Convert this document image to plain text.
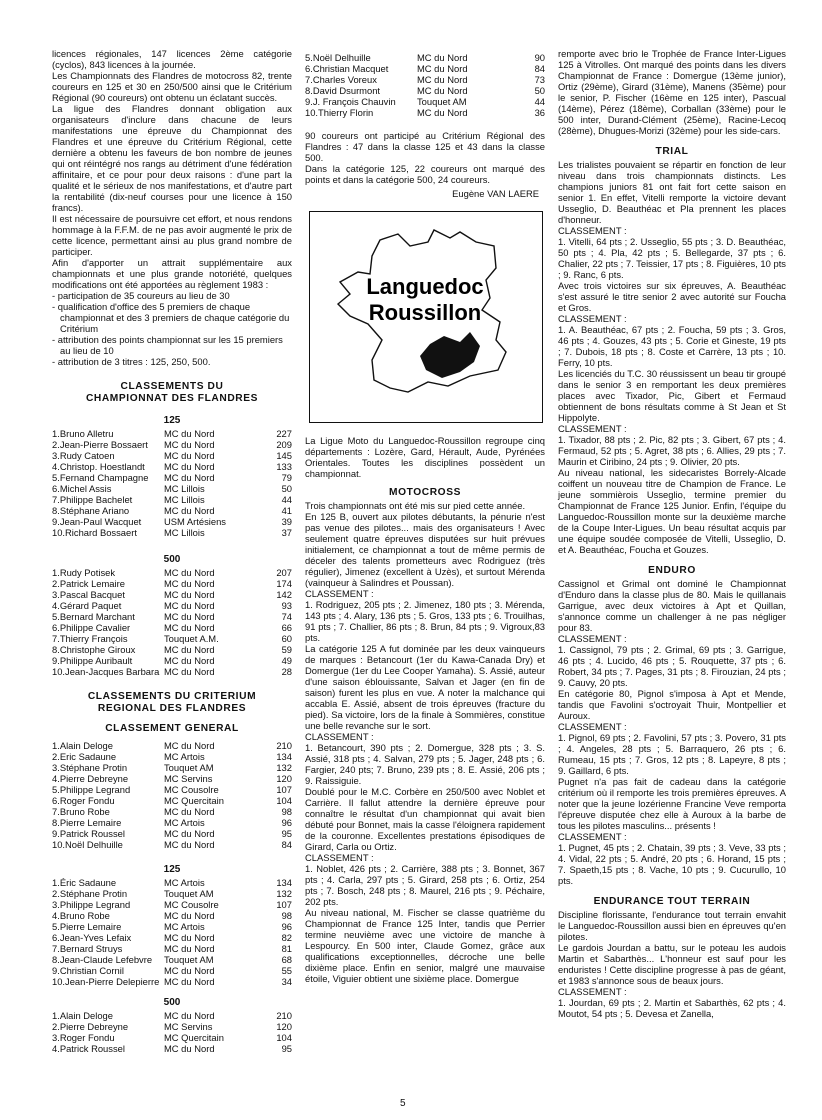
licences régionales, 147 licences 2ème catégorie (cyclos), 843 licences à la journée.

Les Championnats des Flandres de motocross 82, trente coureurs en 125 et 30 en 250/500 ainsi que le Critérium Régional (90 coureurs) ont obtenu un éclatant succès.

La ligue des Flandres donnant obligation aux organisateurs d'inclure dans chacune de leurs manifestations une épreuve du Championnat des Flandres et une épreuve du Critérium Régional, cette dernière a obtenu les faveurs de bon nombre de jeunes qui ont réintégré nos rangs au détriment d'une fédération affinitaire, et ce pour pour deux raisons : d'une part la qualité et le sérieux de nos manifestations, et d'autre part la rentabilité (dix-neuf courses pour une licence à 150 francs).

Il est nécessaire de poursuivre cet effort, et nous rendons hommage à la F.F.M. de ne pas avoir augmenté le prix de cette licence, permettant ainsi au plus grand nombre de participer.

Afin d'apporter un attrait supplémentaire aux championnats et une plus grande notoriété, quelques modifications ont été apportées au règlement 1983 :

- participation de 35 coureurs au lieu de 30
- qualification d'office des 5 premiers de chaque championnat et des 3 premiers de chaque catégorie du Critérium
- attribution des points championnat sur les 15 premiers au lieu de 10
- attribution de 3 titres : 125, 250, 500.
CLASSEMENTS DU
CHAMPIONNAT DES FLANDRES
125
1.Bruno Alletru	MC du Nord	227
2.Jean-Pierre Bossaert	MC du Nord	209
3.Rudy Catoen	MC du Nord	145
4.Christop. Hoestlandt	MC du Nord	133
5.Fernand Champagne	MC du Nord	79
6.Michel Assis	MC Lillois	50
7.Philippe Bachelet	MC Lillois	44
8.Stéphane Ariano	MC du Nord	41
9.Jean-Paul Wacquet	USM Artésiens	39
10.Richard Bossaert	MC Lillois	37
500
1.Rudy Potisek	MC du Nord	207
2.Patrick Lemaire	MC du Nord	174
3.Pascal Bacquet	MC du Nord	142
4.Gérard Paquet	MC du Nord	93
5.Bernard Marchant	MC du Nord	74
6.Philippe Cavalier	MC du Nord	66
7.Thierry François	Touquet A.M.	60
8.Christophe Giroux	MC du Nord	59
9.Philippe Auribault	MC du Nord	49
10.Jean-Jacques Barbara	MC du Nord	28
CLASSEMENTS DU CRITERIUM
REGIONAL DES FLANDRES
CLASSEMENT GENERAL
1.Alain Deloge	MC du Nord	210
2.Eric Sadaune	MC Artois	134
3.Stéphane Protin	Touquet AM	132
4.Pierre Debreyne	MC Servins	120
5.Philippe Legrand	MC Cousolre	107
6.Roger Fondu	MC Quercitain	104
7.Bruno Robe	MC du Nord	98
8.Pierre Lemaire	MC Artois	96
9.Patrick Roussel	MC du Nord	95
10.Noël Delhuille	MC du Nord	84
125
1.Éric Sadaune	MC Artois	134
2.Stéphane Protin	Touquet AM	132
3.Philippe Legrand	MC Cousolre	107
4.Bruno Robe	MC du Nord	98
5.Pierre Lemaire	MC Artois	96
6.Jean-Yves Lefaix	MC du Nord	82
7.Bernard Struys	MC du Nord	81
8.Jean-Claude Lefebvre	Touquet AM	68
9.Christian Cornil	MC du Nord	55
10.Jean-Pierre Delepierre	MC du Nord	34
500
1.Alain Deloge	MC du Nord	210
2.Pierre Debreyne	MC Servins	120
3.Roger Fondu	MC Quercitain	104
4.Patrick Roussel	MC du Nord	95
5.Noël Delhuille	MC du Nord	90
6.Christian Macquet	MC du Nord	84
7.Charles Voreux	MC du Nord	73
8.David Dsurmont	MC du Nord	50
9.J. François Chauvin	Touquet AM	44
10.Thierry Florin	MC du Nord	36

90 coureurs ont participé au Critérium Régional des Flandres : 47 dans la classe 125 et 43 dans la classe 500.

Dans la catégorie 125, 22 coureurs ont marqué des points et dans la catégorie 500, 24 coureurs.

Eugène VAN LAERE
Languedoc
Roussillon

La Ligue Moto du Languedoc-Roussillon regroupe cinq départements : Lozère, Gard, Hérault, Aude, Pyrénées Orientales. Toutes les disciplines possèdent un championnat.

MOTOCROSS

Trois championnats ont été mis sur pied cette année.

En 125 B, ouvert aux pilotes débutants, la pénurie n'est pas venue des pilotes... mais des organisateurs ! Avec seulement quatre épreuves disputées sur huit prévues initialement, ce championnat a tout de même permis de déceler des talents prometteurs avec Rodriguez (très régulier), Jimenez (excellent à Uzès), et surtout Mérenda (vainqueur à Salindres et Poussan).

CLASSEMENT :

1. Rodriguez, 205 pts ; 2. Jimenez, 180 pts ; 3. Mérenda, 143 pts ; 4. Alary, 136 pts ; 5. Gros, 133 pts ; 6. Trouilhas, 91 pts ; 7. Challier, 86 pts ; 8. Brun, 84 pts ; 9. Vigroux,83 pts.

La catégorie 125 A fut dominée par les deux vainqueurs de marques : Betancourt (1er du Kawa-Canada Dry) et Domergue (1er du Lee Cooper Yamaha). S. Assié, auteur d'une saison éblouissante, Salvan et Jager (en fin de saison) furent les plus en vue. A noter la malchance qui accabla E. Assié, absent de trois épreuves (fracture du pied). Sa victoire, lors de la finale à Sommières, constitue une belle revanche sur le sort.

CLASSEMENT :

1. Betancourt, 390 pts ; 2. Domergue, 328 pts ; 3. S. Assié, 318 pts ; 4. Salvan, 279 pts ; 5. Jager, 248 pts ; 6. Fargier, 240 pts; 7. Bruno, 239 pts ; 8. E. Assié, 206 pts ; 9. Raissiguie.

Doublé pour le M.C. Corbère en 250/500 avec Noblet et Carrière. Il fallut attendre la dernière épreuve pour connaître le résultat d'un championnat qui avait bien débuté pour Bonnet, mais la casse l'éloignera rapidement de la couronne. Excellentes prestations épisodiques de Girard, Carla ou Ortiz.

CLASSEMENT :

1. Noblet, 426 pts ; 2. Carrière, 388 pts ; 3. Bonnet, 367 pts ; 4. Carla, 297 pts ; 5. Girard, 258 pts ; 6. Ortiz, 254 pts ; 7. Bosch, 248 pts ; 8. Maurel, 216 pts ; 9. Péchaire, 202 pts.

Au niveau national, M. Fischer se classe quatrième du Championnat de France 125 Inter, tandis que Perrier termine neuvième avec une victoire de manche à Lespourcy. En 500 inter, Claude Gomez, grâce aux qualifications exceptionnelles, décroche une belle dixième place. Enfin en senior, malgré une mauvaise étoile, Viguier obtient une sixième place. Domergue

remporte avec brio le Trophée de France Inter-Ligues 125 à Vitrolles. Ont marqué des points dans les divers Championnat de France : Domergue (13ème junior), Ortiz (29ème), Girard (31ème), Manens (35ème) pour le senior, P. Fischer (16ème en 125 inter), Pascual (14ème), Pérez (18ème), Corballan (33ème) pour le 500 inter, Durand-Clément (25ème), Racine-Lecoq (28ème), Dhugues-Morizi (32ème) pour les side-cars.

TRIAL

Les trialistes pouvaient se répartir en fonction de leur niveau dans trois championnats distincts. Les champions juniors 81 ont fait fort cette saison en senior 1. En effet, Vitelli remporte la victoire devant Usseglio, D. Beauthéac et Pla prennent les places d'honneur.

CLASSEMENT :

1. Vitelli, 64 pts ; 2. Usseglio, 55 pts ; 3. D. Beauthéac, 50 pts ; 4. Pla, 42 pts ; 5. Bellegarde, 37 pts ; 6. Chalier, 22 pts ; 7. Teissier, 17 pts ; 8. Figuières, 10 pts ; 9. Ranc, 6 pts.

Avec trois victoires sur six épreuves, A. Beauthéac s'est assuré le titre senior 2 avec autorité sur Foucha et Gros.

CLASSEMENT :

1. A. Beauthéac, 67 pts ; 2. Foucha, 59 pts ; 3. Gros, 46 pts ; 4. Gouzes, 43 pts ; 5. Corie et Gineste, 19 pts ; 7. Dubois, 18 pts ; 8. Coste et Carrère, 13 pts ; 10. Ferry, 10 pts.

Les licenciés du T.C. 30 réussissent un beau tir groupé dans le senior 3 en remportant les deux premières places avec Tixador, Pic, Gibert et Fermaud obtiennent de bons résultats comme à St Jean et St Hippolyte.

CLASSEMENT :

1. Tixador, 88 pts ; 2. Pic, 82 pts ; 3. Gibert, 67 pts ; 4. Fermaud, 52 pts ; 5. Agret, 38 pts ; 6. Allies, 29 pts ; 7. Maurin et Ciribino, 24 pts ; 9. Olivier, 20 pts.

Au niveau national, les sidecaristes Borrely-Alcade coiffent un nouveau titre de Champion de France. Le jeune sommièrois Usseglio, termine premier du Championnat de France 125 Junior. Enfin, l'équipe du Languedoc-Roussillon monte sur la deuxième marche de la Coupe Inter-Ligues. Un beau résultat acquis par une équipe soudée composée de Vitelli, Usseglio, D. et A. Beauthéac, Foucha et Gouzes.

ENDURO

Cassignol et Grimal ont dominé le Championnat d'Enduro dans la classe plus de 80. Mais le quillanais Garrigue, avec deux victoires à Apt et Quillan, s'annonce comme un challenger à ne pas négliger pour 83.

CLASSEMENT :

1. Cassignol, 79 pts ; 2. Grimal, 69 pts ; 3. Garrigue, 46 pts ; 4. Lucido, 46 pts ; 5. Rouquette, 37 pts ; 6. Robert, 34 pts ; 7. Pages, 31 pts ; 8. Firouzian, 24 pts ; 9. Cauvy, 20 pts.

En catégorie 80, Pignol s'imposa à Apt et Mende, tandis que Favolini s'octroyait Thuir, Montpellier et Auroux.

CLASSEMENT :

1. Pignol, 69 pts ; 2. Favolini, 57 pts ; 3. Povero, 31 pts ; 4. Angeles, 28 pts ; 5. Barraquero, 26 pts ; 6. Rumeau, 15 pts ; 7. Gros, 12 pts ; 8. Lapeyre, 8 pts ; 9. Gaillard, 6 pts.

Pugnet n'a pas fait de cadeau dans la catégorie critérium où il remporte les trois premières épreuves. A noter que la jeune lozérienne Francine Veve remporta l'épreuve disputée chez elle à Auroux à la barbe de tous les pilotes masculins... présents !

CLASSEMENT :

1. Pugnet, 45 pts ; 2. Chatain, 39 pts ; 3. Veve, 33 pts ; 4. Vidal, 22 pts ; 5. André, 20 pts ; 6. Horand, 15 pts ; 7. Spaeth,15 pts ; 8. Vache, 10 pts ; 9. Cucurullo, 10 pts.

ENDURANCE TOUT TERRAIN

Discipline florissante, l'endurance tout terrain envahit le Languedoc-Roussillon aussi bien en épreuves qu'en pilotes.

Le gardois Jourdan a battu, sur le poteau les audois Martin et Sabarthès... L'honneur est sauf pour les enduristes ! Cette discipline progresse à pas de géant, et 1983 s'annonce sous de beaux jours.

CLASSEMENT :

1. Jourdan, 69 pts ; 2. Martin et Sabarthès, 62 pts ; 4. Moutot, 54 pts ; 5. Devesa et Zanella,

5
